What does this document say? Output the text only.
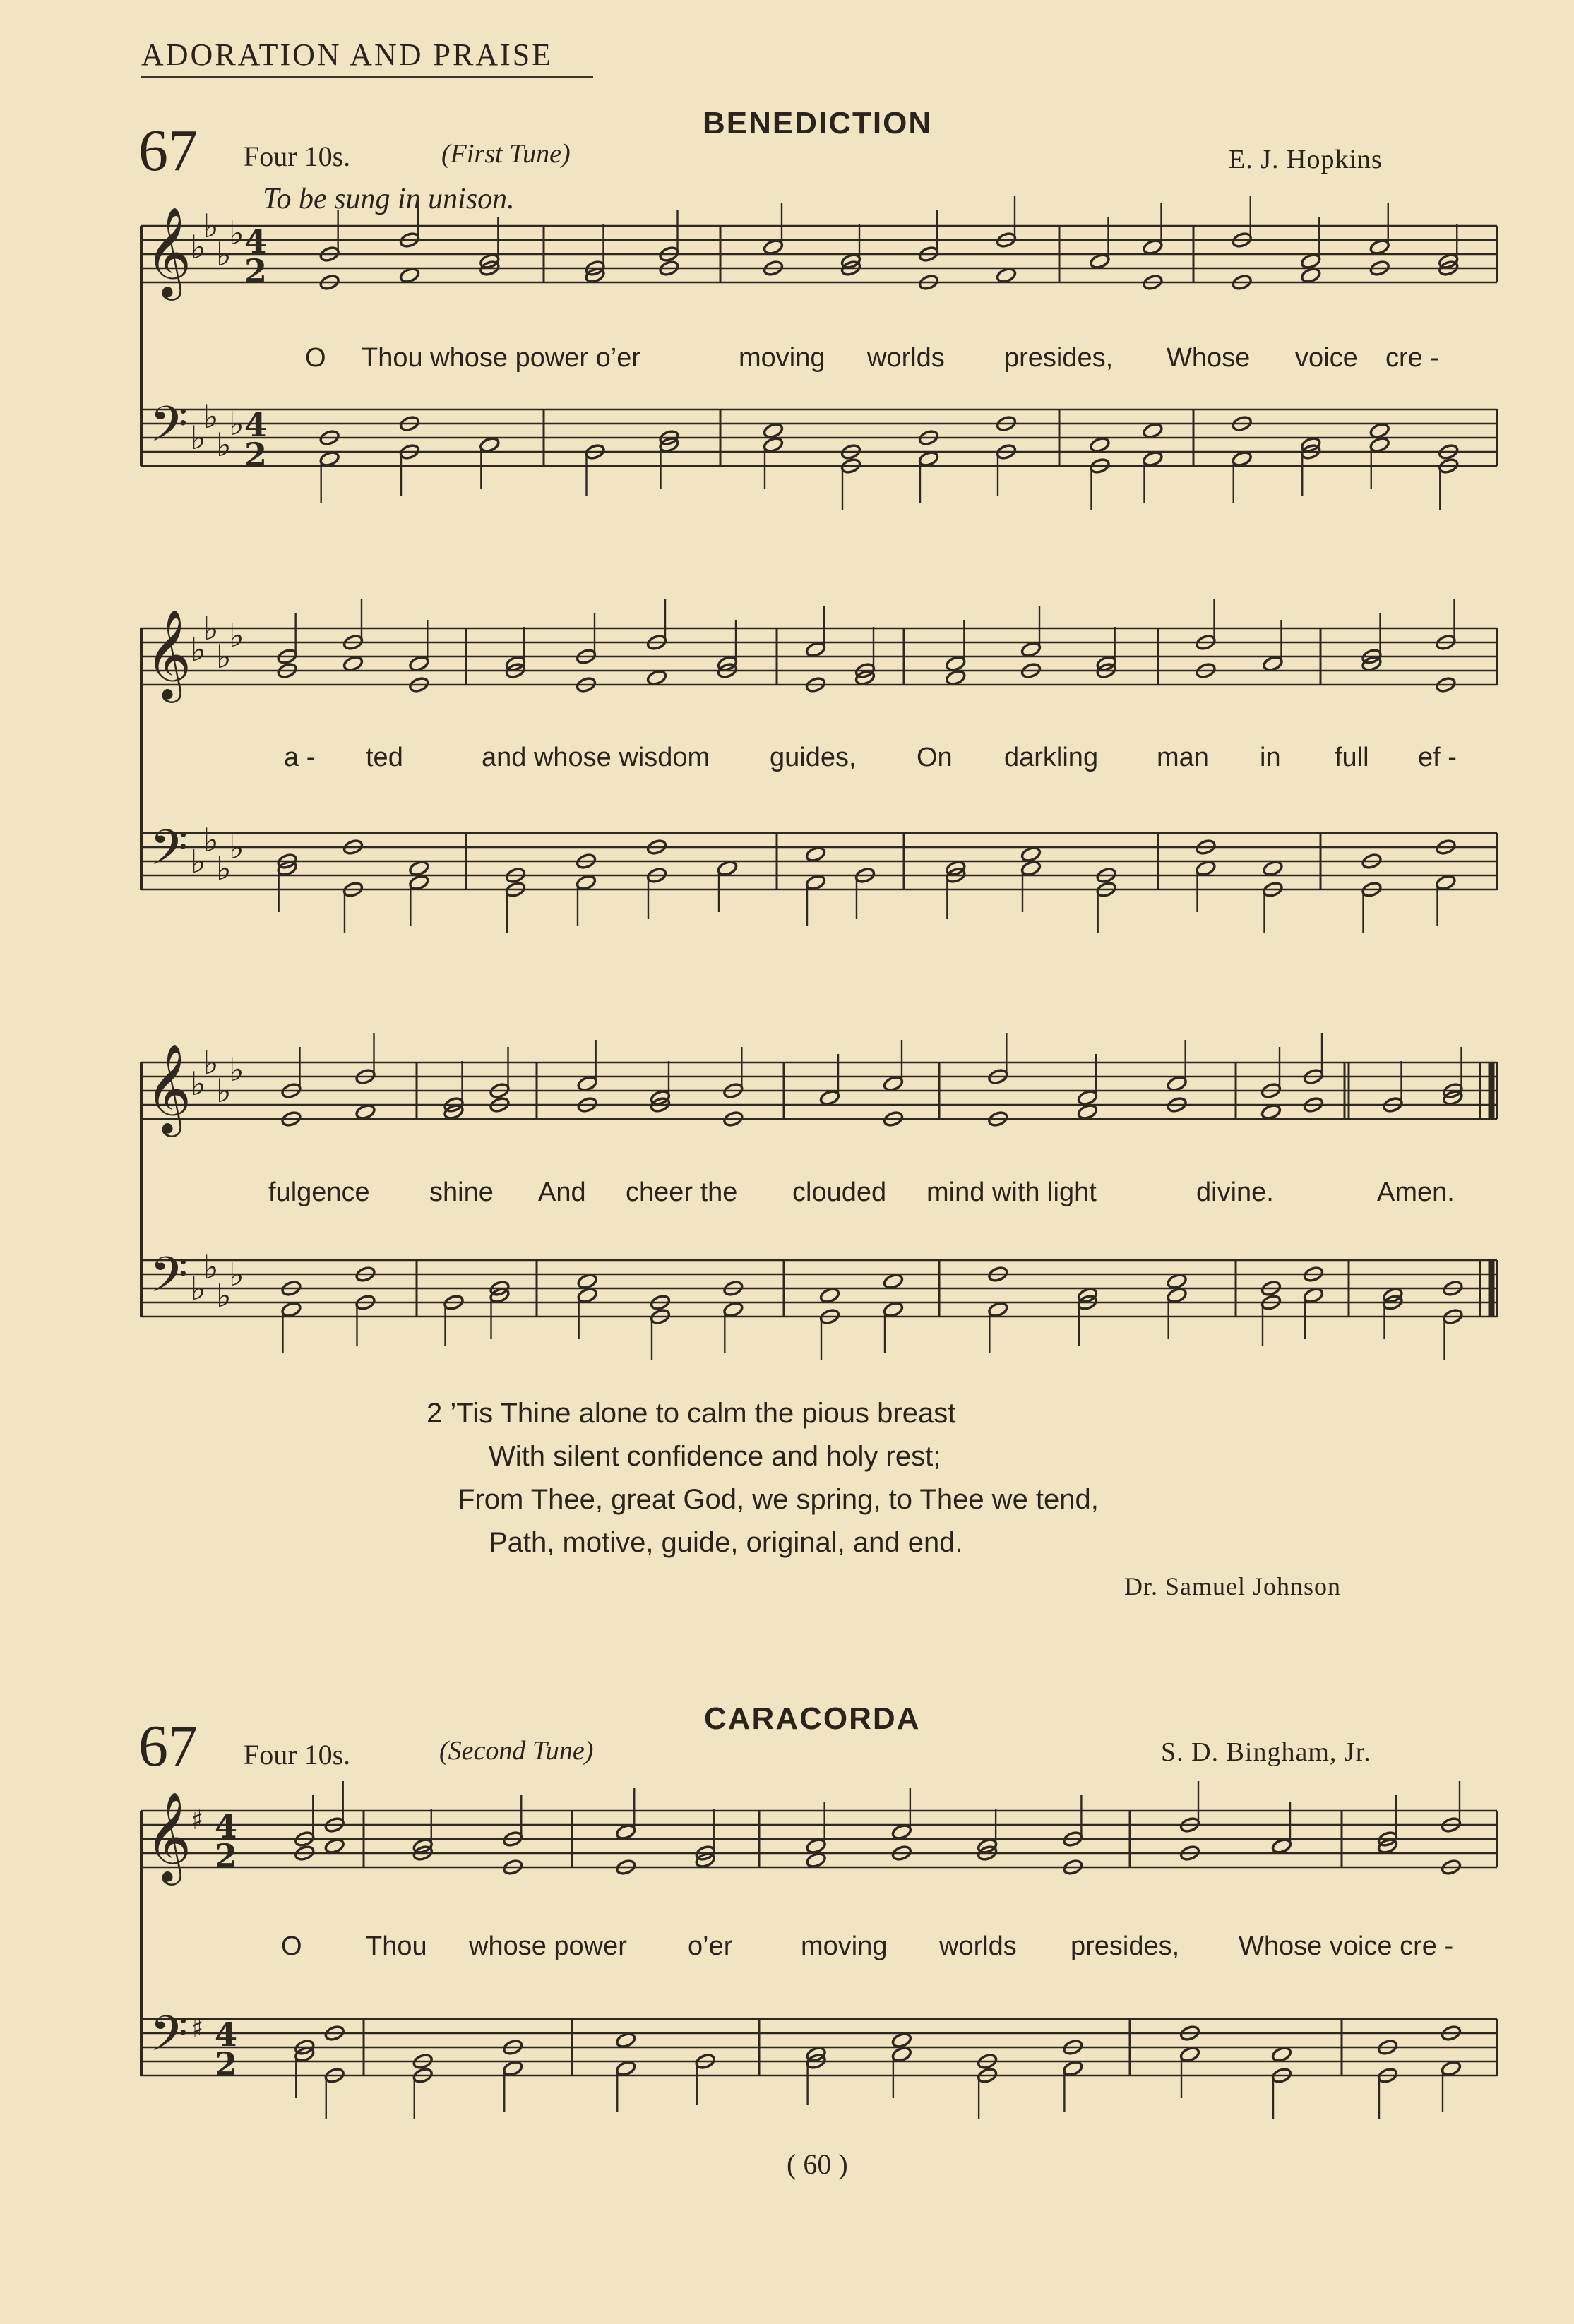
ADORATION AND PRAISE
67 Four 10s.	(First Tune)
BENEDICTION
E. J. Hopkins
To be sung in unison.
𝄞
𝄢
♭
♭
♭
♭
♭
♭
♭
♭
4
2
4
2
𝄞
𝄢
♭
♭
♭
♭
♭
♭
♭
♭
𝄞
𝄢
♭
♭
♭
♭
♭
♭
♭
♭
𝄞
𝄢
♯
♯
4
2
4
2
O Thou whose power o’er	moving worlds presides, Whose voice cre -
a - ted	and whose wisdom guides, On darkling man in full ef -
fulgence shine And cheer the clouded mind with light	divine.	Amen.
2 ’Tis Thine alone to calm the pious breast
With silent confidence and holy rest;
From Thee, great God, we spring, to Thee we tend,
Path, motive, guide, original, and end.
Dr. Samuel Johnson
67 Four 10s.	(Second Tune)
CARACORDA
S. D. Bingham, Jr.
O Thou whose power o’er	moving worlds presides, Whose voice cre -
( 60 )
